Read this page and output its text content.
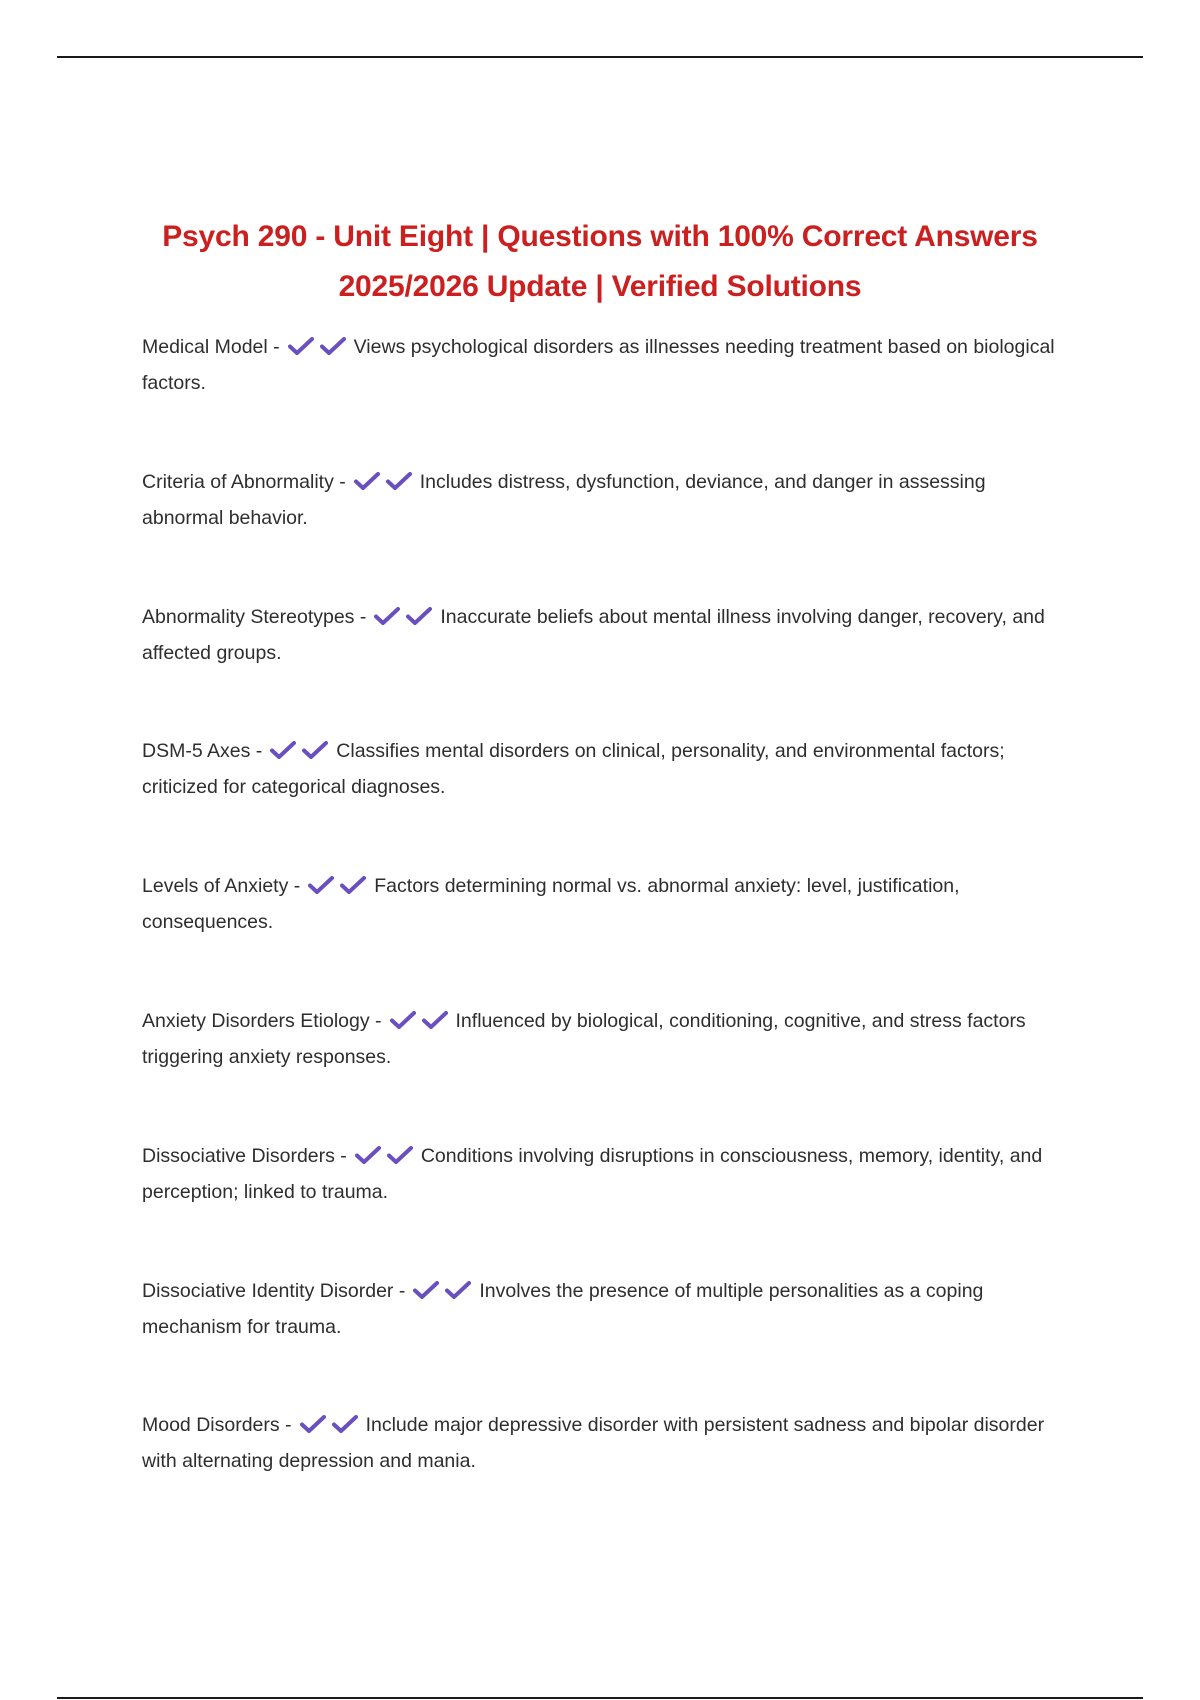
Psych 290 - Unit Eight | Questions with 100% Correct Answers
2025/2026 Update | Verified Solutions
Medical Model -	Views psychological disorders as illnesses needing treatment based on biological factors.
Criteria of Abnormality -	Includes distress, dysfunction, deviance, and danger in assessing abnormal behavior.
Abnormality Stereotypes -	Inaccurate beliefs about mental illness involving danger, recovery, and affected groups.
DSM-5 Axes -	Classifies mental disorders on clinical, personality, and environmental factors; criticized for categorical diagnoses.
Levels of Anxiety -	Factors determining normal vs. abnormal anxiety: level, justification, consequences.
Anxiety Disorders Etiology -	Influenced by biological, conditioning, cognitive, and stress factors triggering anxiety responses.
Dissociative Disorders -	Conditions involving disruptions in consciousness, memory, identity, and perception; linked to trauma.
Dissociative Identity Disorder -	Involves the presence of multiple personalities as a coping mechanism for trauma.
Mood Disorders -	Include major depressive disorder with persistent sadness and bipolar disorder with alternating depression and mania.
